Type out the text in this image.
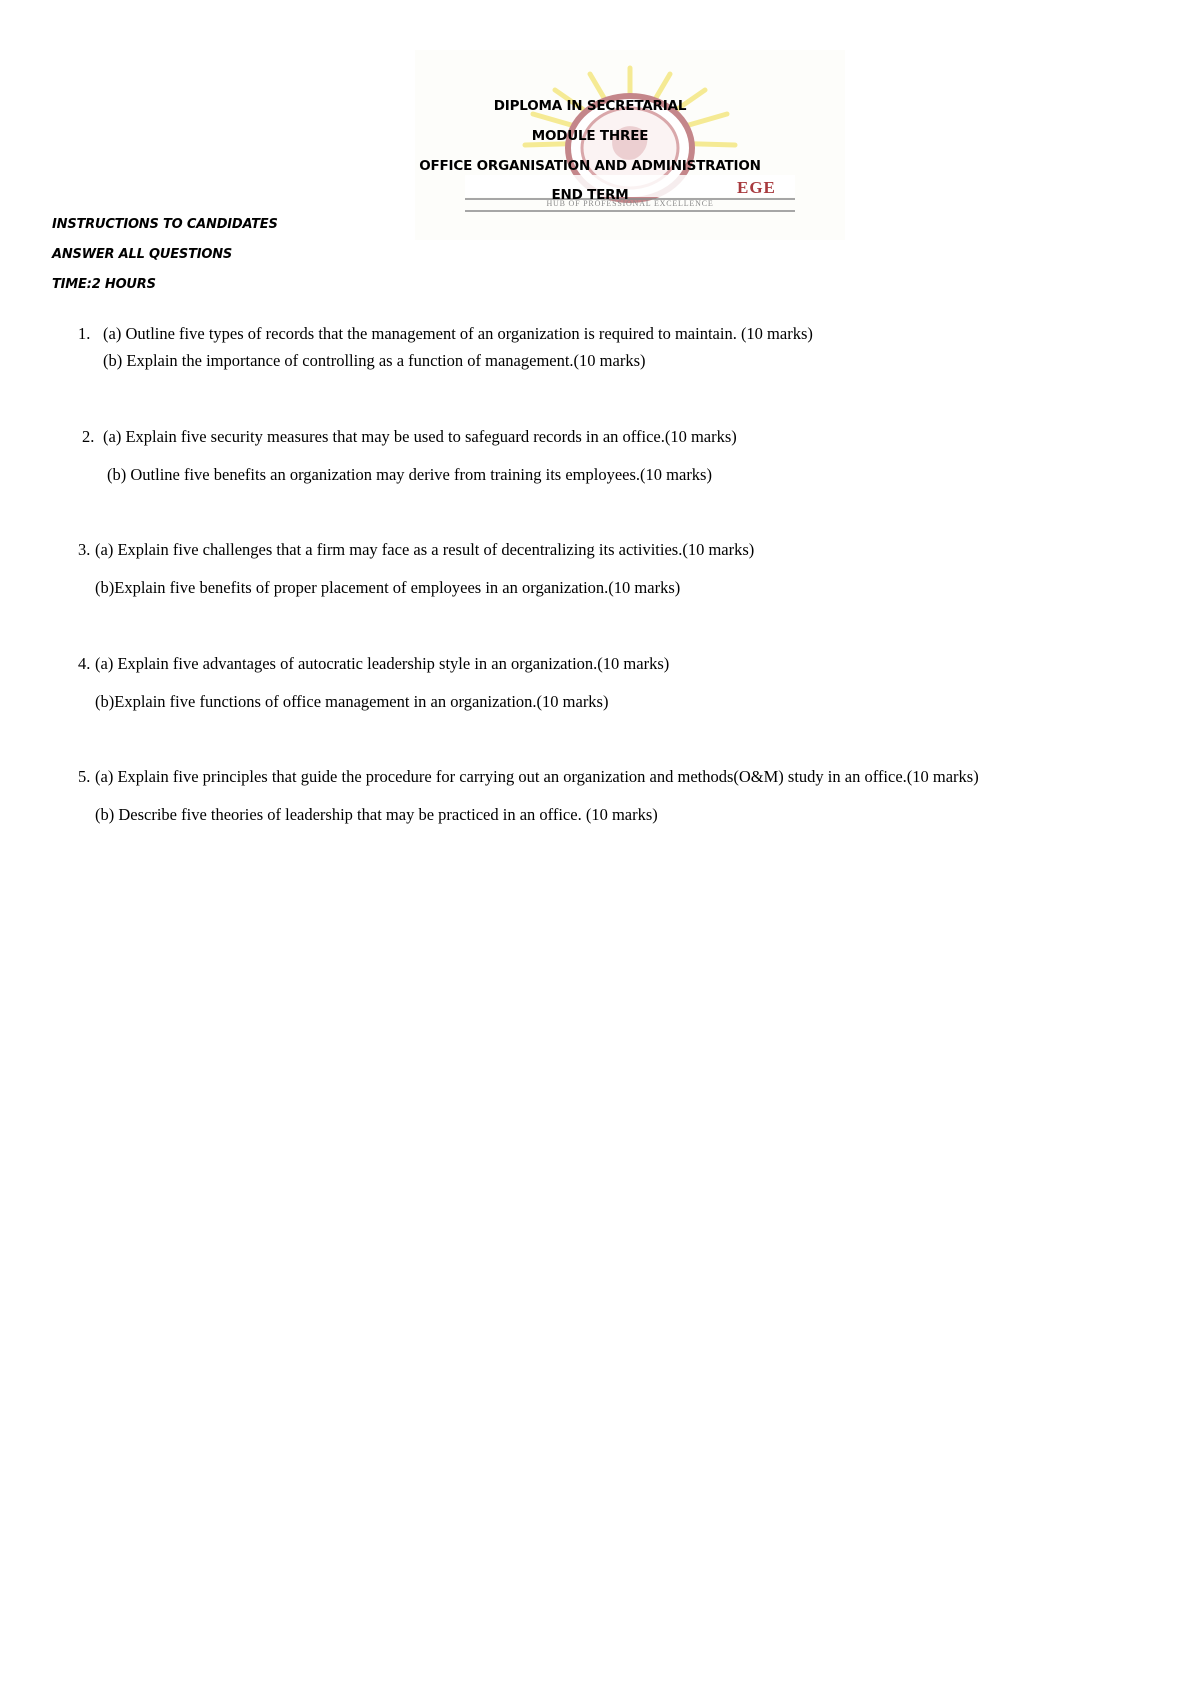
EGE
HUB OF PROFESSIONAL EXCELLENCE
DIPLOMA IN SECRETARIAL
MODULE THREE
OFFICE ORGANISATION AND ADMINISTRATION
END TERM
INSTRUCTIONS TO CANDIDATES
ANSWER ALL QUESTIONS
TIME:2 HOURS
1. (a) Outline five types of records that the management of an organization is required to maintain. (10 marks)
(b) Explain the importance of controlling as a function of management.(10 marks)
2. (a) Explain five security measures that may be used to safeguard records in an office.(10 marks)
(b) Outline five benefits an organization may derive from training its employees.(10 marks)
3. (a) Explain five challenges that a firm may face as a result of decentralizing its activities.(10 marks)
(b)Explain five benefits of proper placement of employees in an organization.(10 marks)
4. (a) Explain five advantages of autocratic leadership style in an organization.(10 marks)
(b)Explain five functions of office management in an organization.(10 marks)
5. (a) Explain five principles that guide the procedure for carrying out an organization and methods(O&M) study in an office.(10 marks)
(b) Describe five theories of leadership that may be practiced in an office. (10 marks)
